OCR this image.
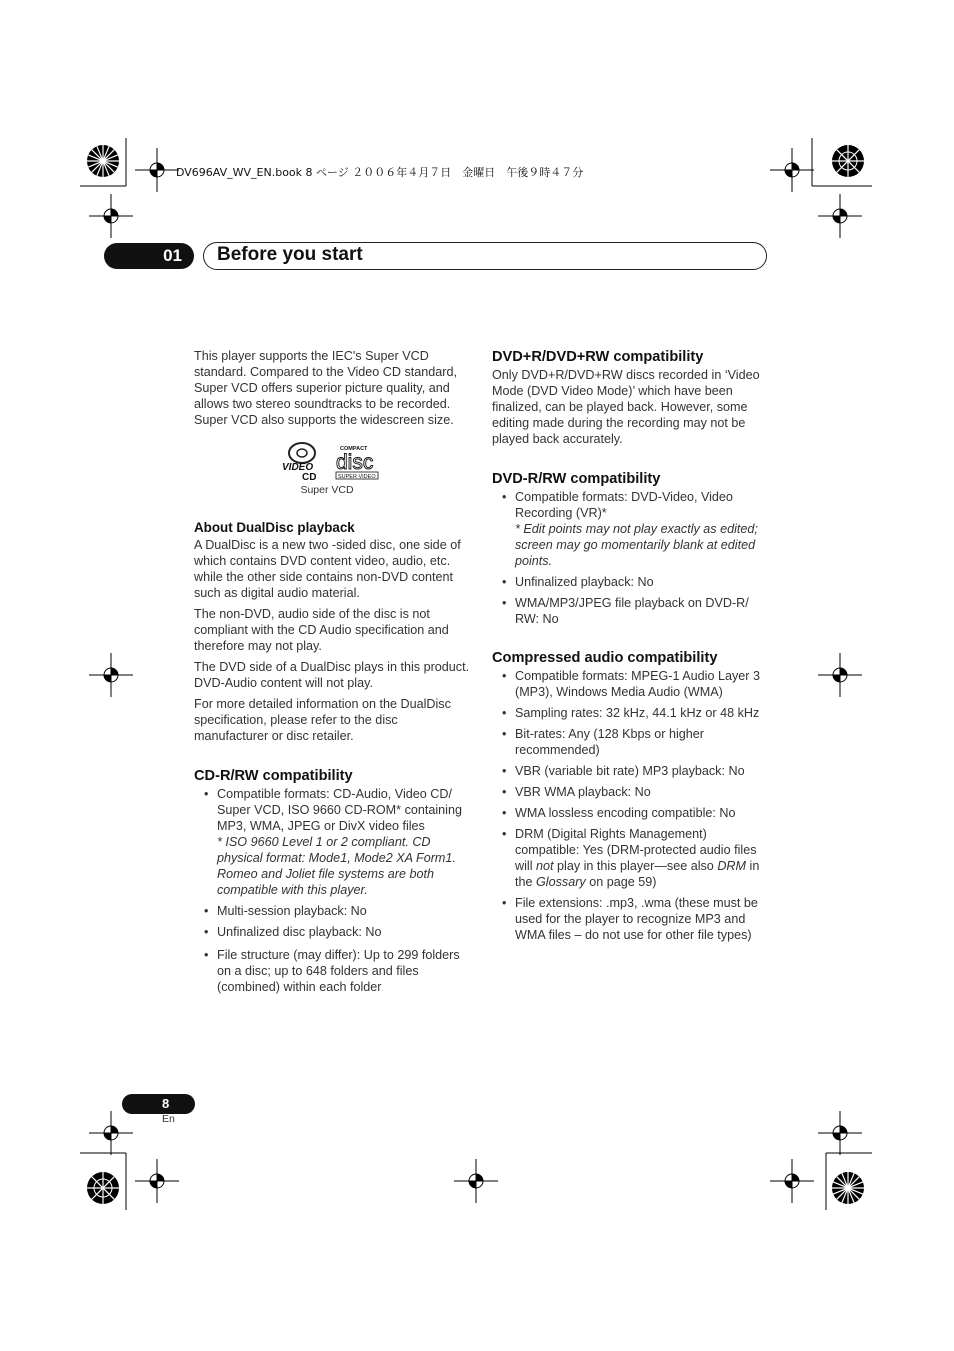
DV696AV_WV_EN.book 8 ページ ２００６年４月７日　金曜日　午後９時４７分
01	Before you start

This player supports the IEC's Super VCD standard. Compared to the Video CD standard, Super VCD offers superior picture quality, and allows two stereo soundtracks to be recorded. Super VCD also supports the widescreen size.

VIDEO
CD
COMPACT
disc
SUPER VIDEO
Super VCD
About DualDisc playback

A DualDisc is a new two -sided disc, one side of which contains DVD content video, audio, etc. while the other side contains non-DVD content such as digital audio material.

The non-DVD, audio side of the disc is not compliant with the CD Audio specification and therefore may not play.

The DVD side of a DualDisc plays in this product. DVD-Audio content will not play.

For more detailed information on the DualDisc specification, please refer to the disc manufacturer or disc retailer.

CD-R/RW compatibility
• Compatible formats: CD-Audio, Video CD/ Super VCD, ISO 9660 CD-ROM* containing MP3, WMA, JPEG or DivX video files
* ISO 9660 Level 1 or 2 compliant. CD physical format: Mode1, Mode2 XA Form1. Romeo and Joliet file systems are both compatible with this player.
• Multi-session playback: No
• Unfinalized disc playback: No
• File structure (may differ): Up to 299 folders on a disc; up to 648 folders and files (combined) within each folder
DVD+R/DVD+RW compatibility

Only DVD+R/DVD+RW discs recorded in ‘Video Mode (DVD Video Mode)’ which have been finalized, can be played back. However, some editing made during the recording may not be played back accurately.

DVD-R/RW compatibility
• Compatible formats: DVD-Video, Video Recording (VR)*
* Edit points may not play exactly as edited; screen may go momentarily blank at edited points.
• Unfinalized playback: No
• WMA/MP3/JPEG file playback on DVD-R/ RW: No
Compressed audio compatibility
• Compatible formats: MPEG-1 Audio Layer 3 (MP3), Windows Media Audio (WMA)
• Sampling rates: 32 kHz, 44.1 kHz or 48 kHz
• Bit-rates: Any (128 Kbps or higher recommended)
• VBR (variable bit rate) MP3 playback: No
• VBR WMA playback: No
• WMA lossless encoding compatible: No
• DRM (Digital Rights Management) compatible: Yes (DRM-protected audio files will not play in this player—see also DRM in the Glossary on page 59)
• File extensions: .mp3, .wma (these must be used for the player to recognize MP3 and WMA files – do not use for other file types)
8
En
